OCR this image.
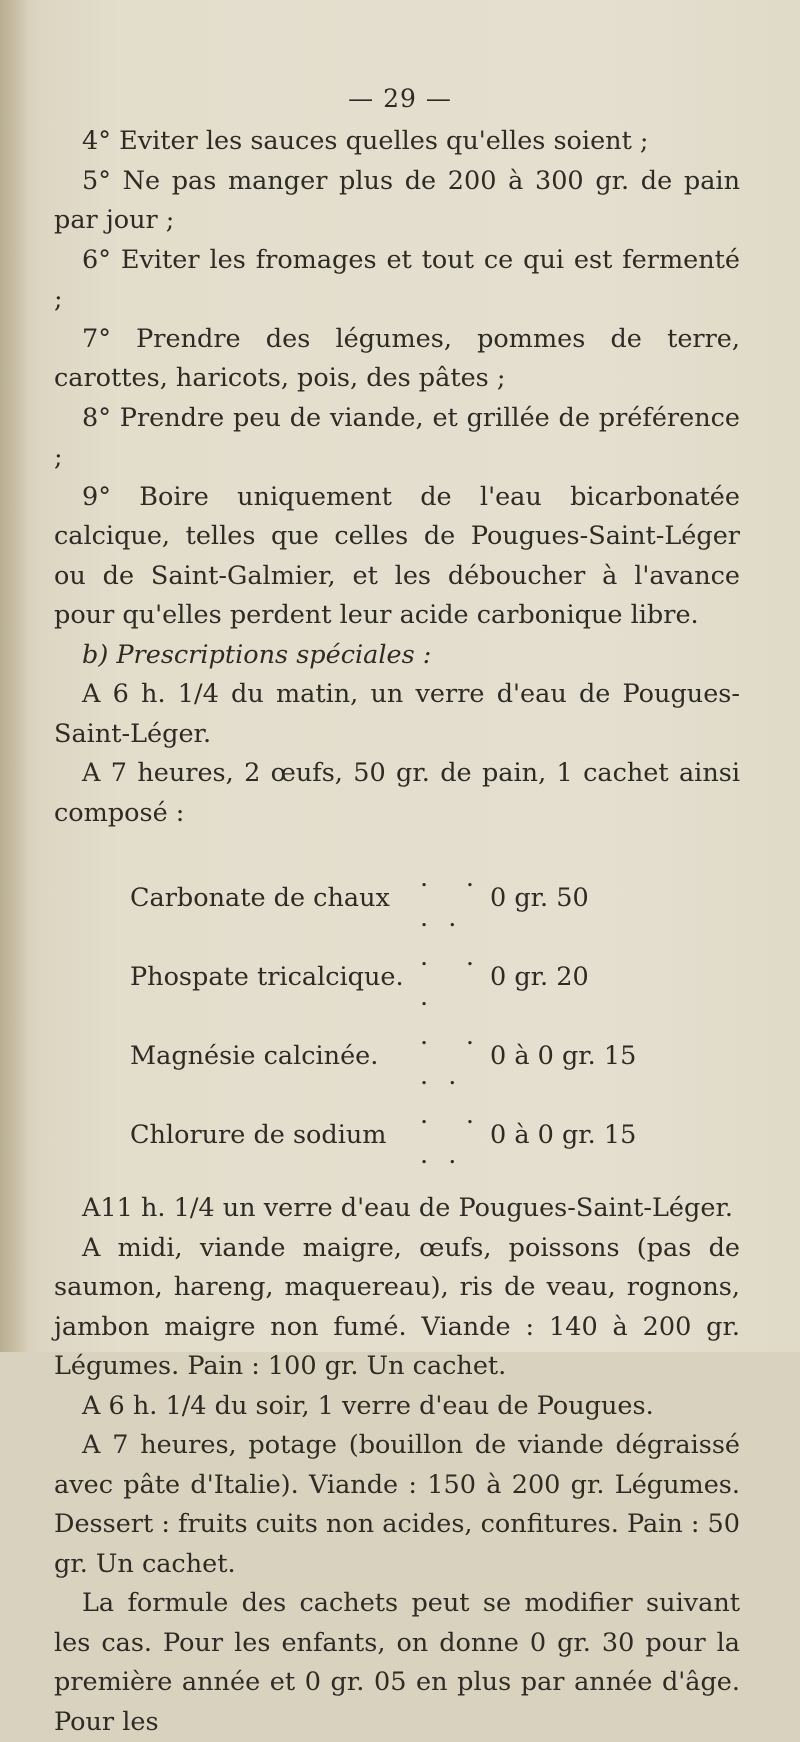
— 29 —

4° Eviter les sauces quelles qu'elles soient ;

5° Ne pas manger plus de 200 à 300 gr. de pain par jour ;

6° Eviter les fromages et tout ce qui est fermenté ;

7° Prendre des légumes, pommes de terre, carottes, haricots, pois, des pâtes ;

8° Prendre peu de viande, et grillée de préférence ;

9° Boire uniquement de l'eau bicarbonatée calcique, telles que celles de Pougues-Saint-Léger ou de Saint-Galmier, et les déboucher à l'avance pour qu'elles perdent leur acide carbonique libre.

b) Prescriptions spéciales :

A 6 h. 1/4 du matin, un verre d'eau de Pougues-Saint-Léger.

A 7 heures, 2 œufs, 50 gr. de pain, 1 cachet ainsi composé :

Carbonate de chaux	. . . .	0 gr. 50
Phospate tricalcique.	. . .	0 gr. 20
Magnésie calcinée.	. . . .	0 à 0 gr. 15
Chlorure de sodium	. . . .	0 à 0 gr. 15

A11 h. 1/4 un verre d'eau de Pougues-Saint-Léger.

A midi, viande maigre, œufs, poissons (pas de saumon, hareng, maquereau), ris de veau, rognons, jambon maigre non fumé. Viande : 140 à 200 gr. Légumes. Pain : 100 gr. Un cachet.

A 6 h. 1/4 du soir, 1 verre d'eau de Pougues.

A 7 heures, potage (bouillon de viande dégraissé avec pâte d'Italie). Viande : 150 à 200 gr. Légumes. Dessert : fruits cuits non acides, confitures. Pain : 50 gr. Un cachet.

La formule des cachets peut se modifier suivant les cas. Pour les enfants, on donne 0 gr. 30 pour la première année et 0 gr. 05 en plus par année d'âge. Pour les
